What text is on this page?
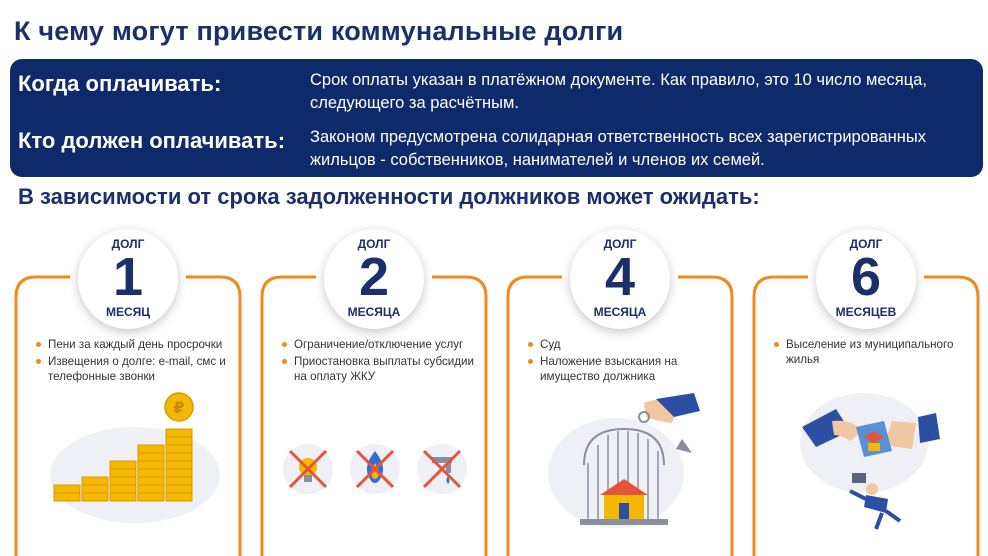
К чему могут привести коммунальные долги
Когда оплачивать:	Срок оплаты указан в платёжном документе. Как правило, это 10 число месяца, следующего за расчётным.
Кто должен оплачивать: Законом предусмотрена солидарная ответственность всех зарегистрированных жильцов - собственников, нанимателей и членов их семей.
В зависимости от срока задолженности должников может ожидать:
ДОЛГ
1
МЕСЯЦ
Пени за каждый день просрочки
Извещения о долге: e-mail, смс и телефонные звонки
₽
ДОЛГ
2
МЕСЯЦА
Ограничение/отключение услуг
Приостановка выплаты субсидии на оплату ЖКУ
ДОЛГ
4
МЕСЯЦА
Суд
Наложение взыскания на имущество должника
ДОЛГ
6
МЕСЯЦЕВ
Выселение из муниципального жилья
